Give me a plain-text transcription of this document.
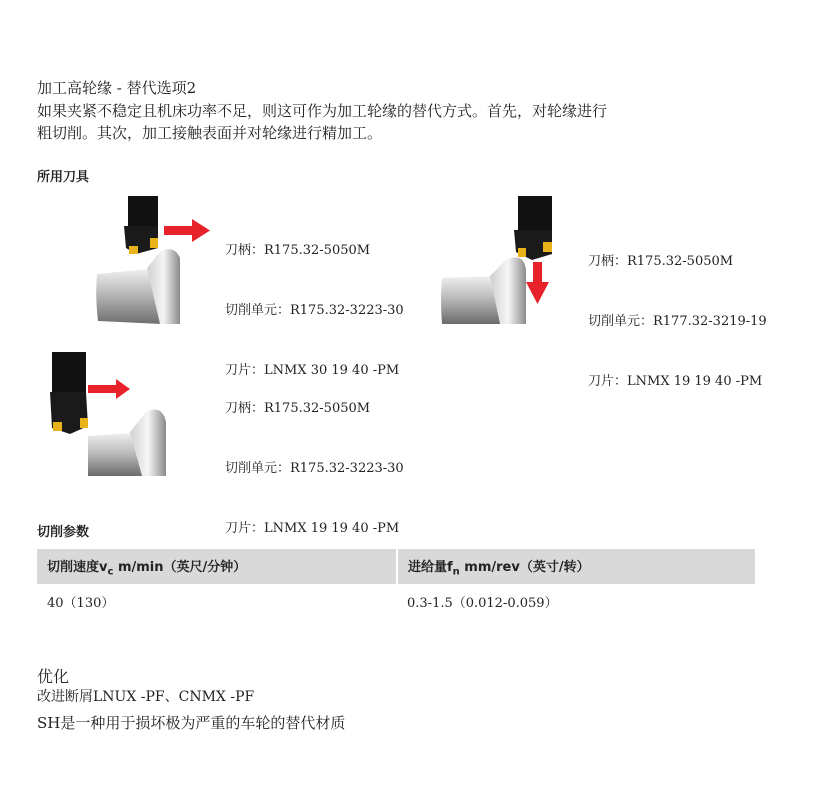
加工高轮缘 - 替代选项2
如果夹紧不稳定且机床功率不足，则这可作为加工轮缘的替代方式。首先，对轮缘进行
粗切削。其次，加工接触表面并对轮缘进行精加工。
所用刀具

刀柄：R175.32-5050M

切削单元：R175.32-3223-30

刀片：LNMX 30 19 40 -PM

刀柄：R175.32-5050M

切削单元：R177.32-3219-19

刀片：LNMX 19 19 40 -PM

刀柄：R175.32-5050M

切削单元：R175.32-3223-30

刀片：LNMX 19 19 40 -PM

切削参数
切削速度$v_c$ m/min（英尺/分钟）	进给量$f_n$ mm/rev（英寸/转）
40（130）	0.3-1.5（0.012-0.059）
优化
改进断屑LNUX -PF、CNMX -PF
SH是一种用于损坏极为严重的车轮的替代材质
